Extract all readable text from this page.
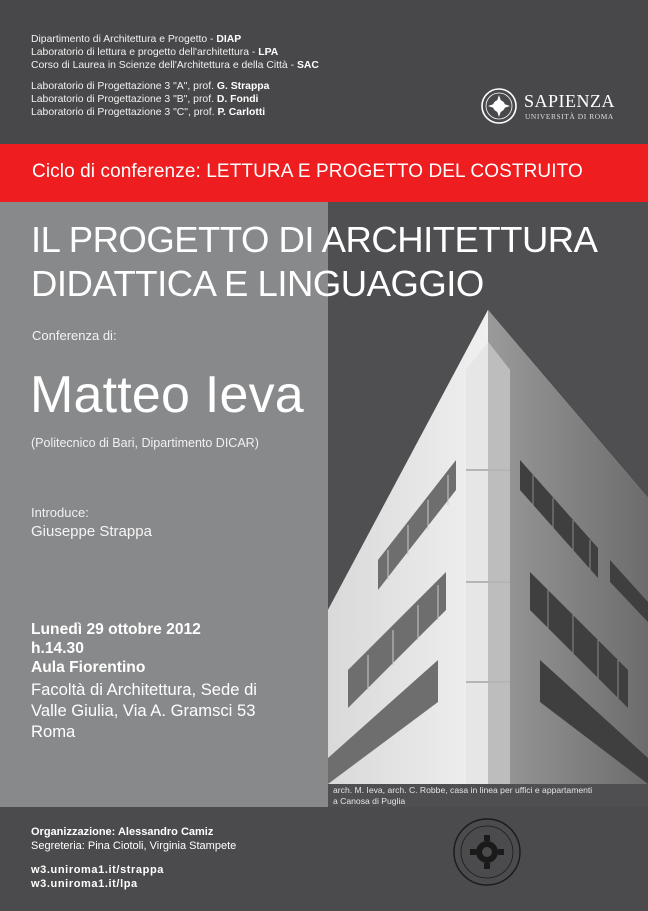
Dipartimento di Architettura e Progetto - DIAP
Laboratorio di lettura e progetto dell'architettura - LPA
Corso di Laurea in Scienze dell'Architettura e della Città - SAC
Laboratorio di Progettazione 3 "A", prof. G. Strappa
Laboratorio di Progettazione 3 "B", prof. D. Fondi
Laboratorio di Progettazione 3 "C", prof. P. Carlotti
SAPIENZA
UNIVERSITÀ DI ROMA
Ciclo di conferenze: LETTURA E PROGETTO DEL COSTRUITO
arch. M. Ieva, arch. C. Robbe, casa in linea per uffici e appartamenti
a Canosa di Puglia
IL PROGETTO DI ARCHITETTURA
DIDATTICA E LINGUAGGIO
Conferenza di:
Matteo Ieva
(Politecnico di Bari, Dipartimento DICAR)
Introduce:
Giuseppe Strappa
Lunedì 29 ottobre 2012
h.14.30
Aula Fiorentino
Facoltà di Architettura, Sede di
Valle Giulia, Via A. Gramsci 53
Roma
Organizzazione: Alessandro Camiz
Segreteria: Pina Ciotoli, Virginia Stampete
w3.uniroma1.it/strappa
w3.uniroma1.it/lpa
